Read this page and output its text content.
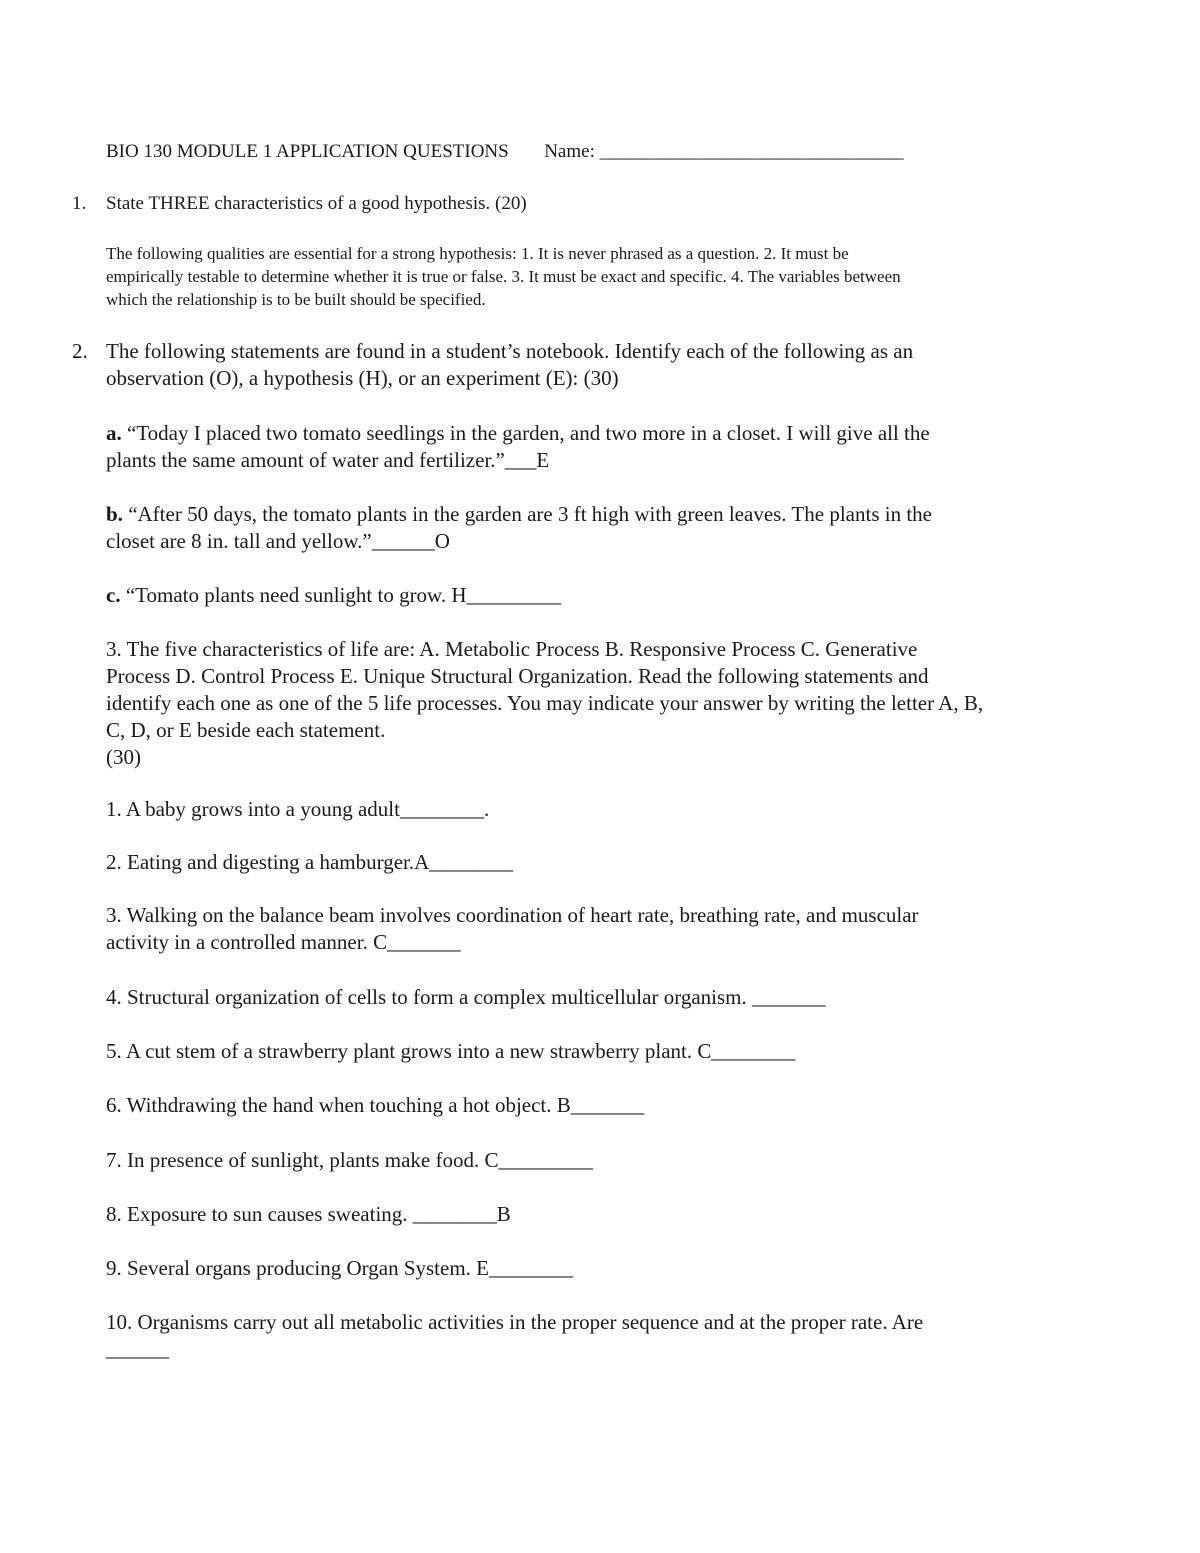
BIO 130 MODULE 1 APPLICATION QUESTIONS Name: ________________________________
1. State THREE characteristics of a good hypothesis. (20)
The following qualities are essential for a strong hypothesis: 1. It is never phrased as a question. 2. It must be
empirically testable to determine whether it is true or false. 3. It must be exact and specific. 4. The variables between
which the relationship is to be built should be specified.
2. The following statements are found in a student’s notebook. Identify each of the following as an
observation (O), a hypothesis (H), or an experiment (E): (30)
a. “Today I placed two tomato seedlings in the garden, and two more in a closet. I will give all the
plants the same amount of water and fertilizer.”___E
b. “After 50 days, the tomato plants in the garden are 3 ft high with green leaves. The plants in the
closet are 8 in. tall and yellow.”______O
c. “Tomato plants need sunlight to grow. H_________
3. The five characteristics of life are: A. Metabolic Process B. Responsive Process C. Generative
Process D. Control Process E. Unique Structural Organization. Read the following statements and
identify each one as one of the 5 life processes. You may indicate your answer by writing the letter A, B,
C, D, or E beside each statement.
(30)
1. A baby grows into a young adult________.
2. Eating and digesting a hamburger.A________
3. Walking on the balance beam involves coordination of heart rate, breathing rate, and muscular
activity in a controlled manner. C_______
4. Structural organization of cells to form a complex multicellular organism. _______
5. A cut stem of a strawberry plant grows into a new strawberry plant. C________
6. Withdrawing the hand when touching a hot object. B_______
7. In presence of sunlight, plants make food. C_________
8. Exposure to sun causes sweating. ________B
9. Several organs producing Organ System. E________
10. Organisms carry out all metabolic activities in the proper sequence and at the proper rate. Are
______
